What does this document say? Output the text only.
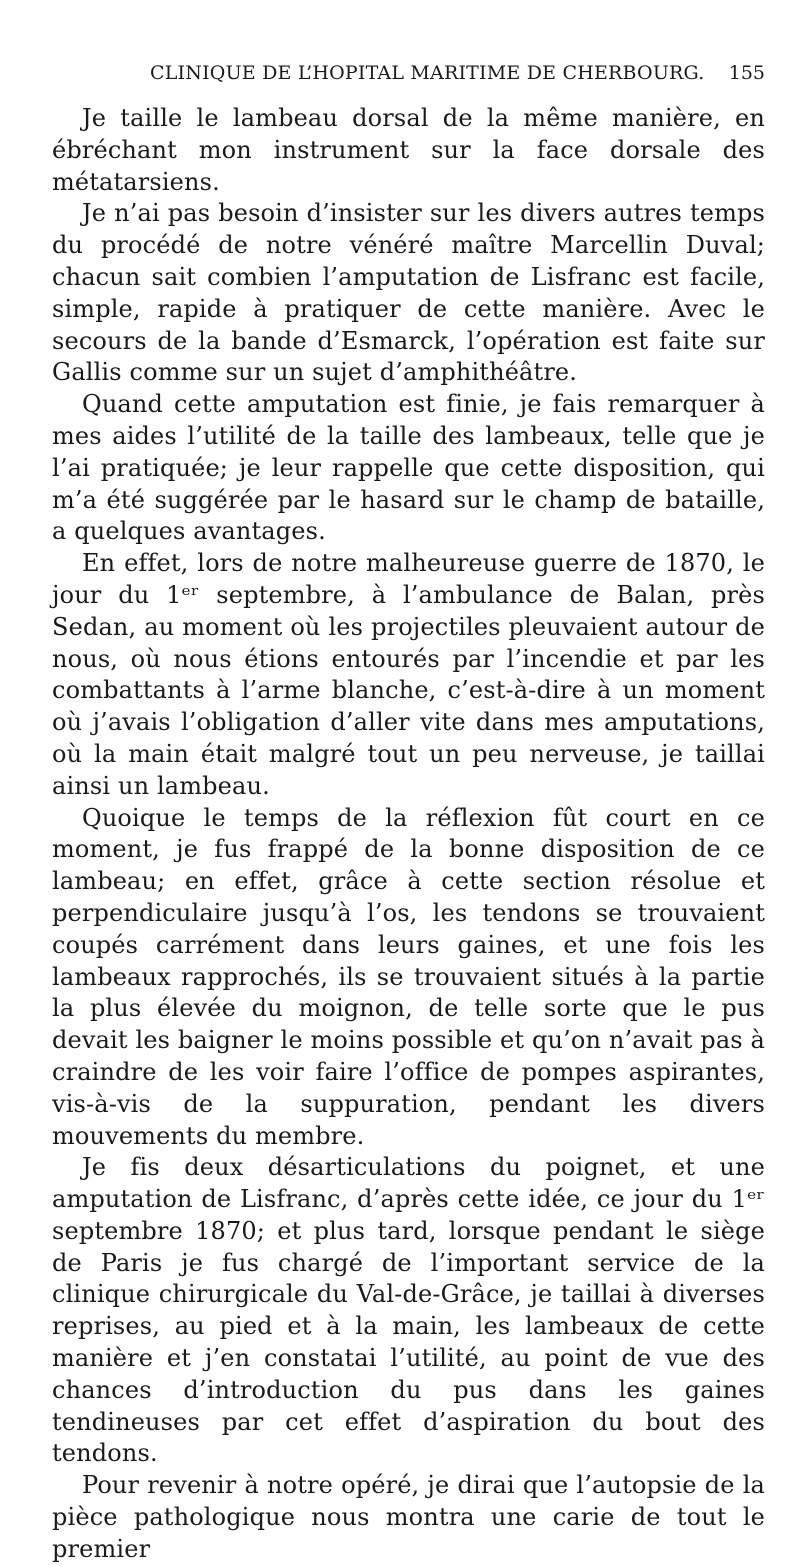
CLINIQUE DE L’HOPITAL MARITIME DE CHERBOURG. 155

Je taille le lambeau dorsal de la même manière, en ébréchant mon instrument sur la face dorsale des métatarsiens.

Je n’ai pas besoin d’insister sur les divers autres temps du procédé de notre vénéré maître Marcellin Duval; chacun sait combien l’amputation de Lisfranc est facile, simple, rapide à pratiquer de cette manière. Avec le secours de la bande d’Esmarck, l’opération est faite sur Gallis comme sur un sujet d’amphithéâtre.

Quand cette amputation est finie, je fais remarquer à mes aides l’utilité de la taille des lambeaux, telle que je l’ai pratiquée; je leur rappelle que cette disposition, qui m’a été suggérée par le hasard sur le champ de bataille, a quelques avantages.

En effet, lors de notre malheureuse guerre de 1870, le jour du 1ᵉʳ septembre, à l’ambulance de Balan, près Sedan, au moment où les projectiles pleuvaient autour de nous, où nous étions entourés par l’incendie et par les combattants à l’arme blanche, c’est-à-dire à un moment où j’avais l’obligation d’aller vite dans mes amputations, où la main était malgré tout un peu nerveuse, je taillai ainsi un lambeau.

Quoique le temps de la réflexion fût court en ce moment, je fus frappé de la bonne disposition de ce lambeau; en effet, grâce à cette section résolue et perpendiculaire jusqu’à l’os, les tendons se trouvaient coupés carrément dans leurs gaines, et une fois les lambeaux rapprochés, ils se trouvaient situés à la partie la plus élevée du moignon, de telle sorte que le pus devait les baigner le moins possible et qu’on n’avait pas à craindre de les voir faire l’office de pompes aspirantes, vis-à-vis de la suppuration, pendant les divers mouvements du membre.

Je fis deux désarticulations du poignet, et une amputation de Lisfranc, d’après cette idée, ce jour du 1ᵉʳ septembre 1870; et plus tard, lorsque pendant le siège de Paris je fus chargé de l’important service de la clinique chirurgicale du Val-de-Grâce, je taillai à diverses reprises, au pied et à la main, les lambeaux de cette manière et j’en constatai l’utilité, au point de vue des chances d’introduction du pus dans les gaines tendineuses par cet effet d’aspiration du bout des tendons.

Pour revenir à notre opéré, je dirai que l’autopsie de la pièce pathologique nous montra une carie de tout le premier
